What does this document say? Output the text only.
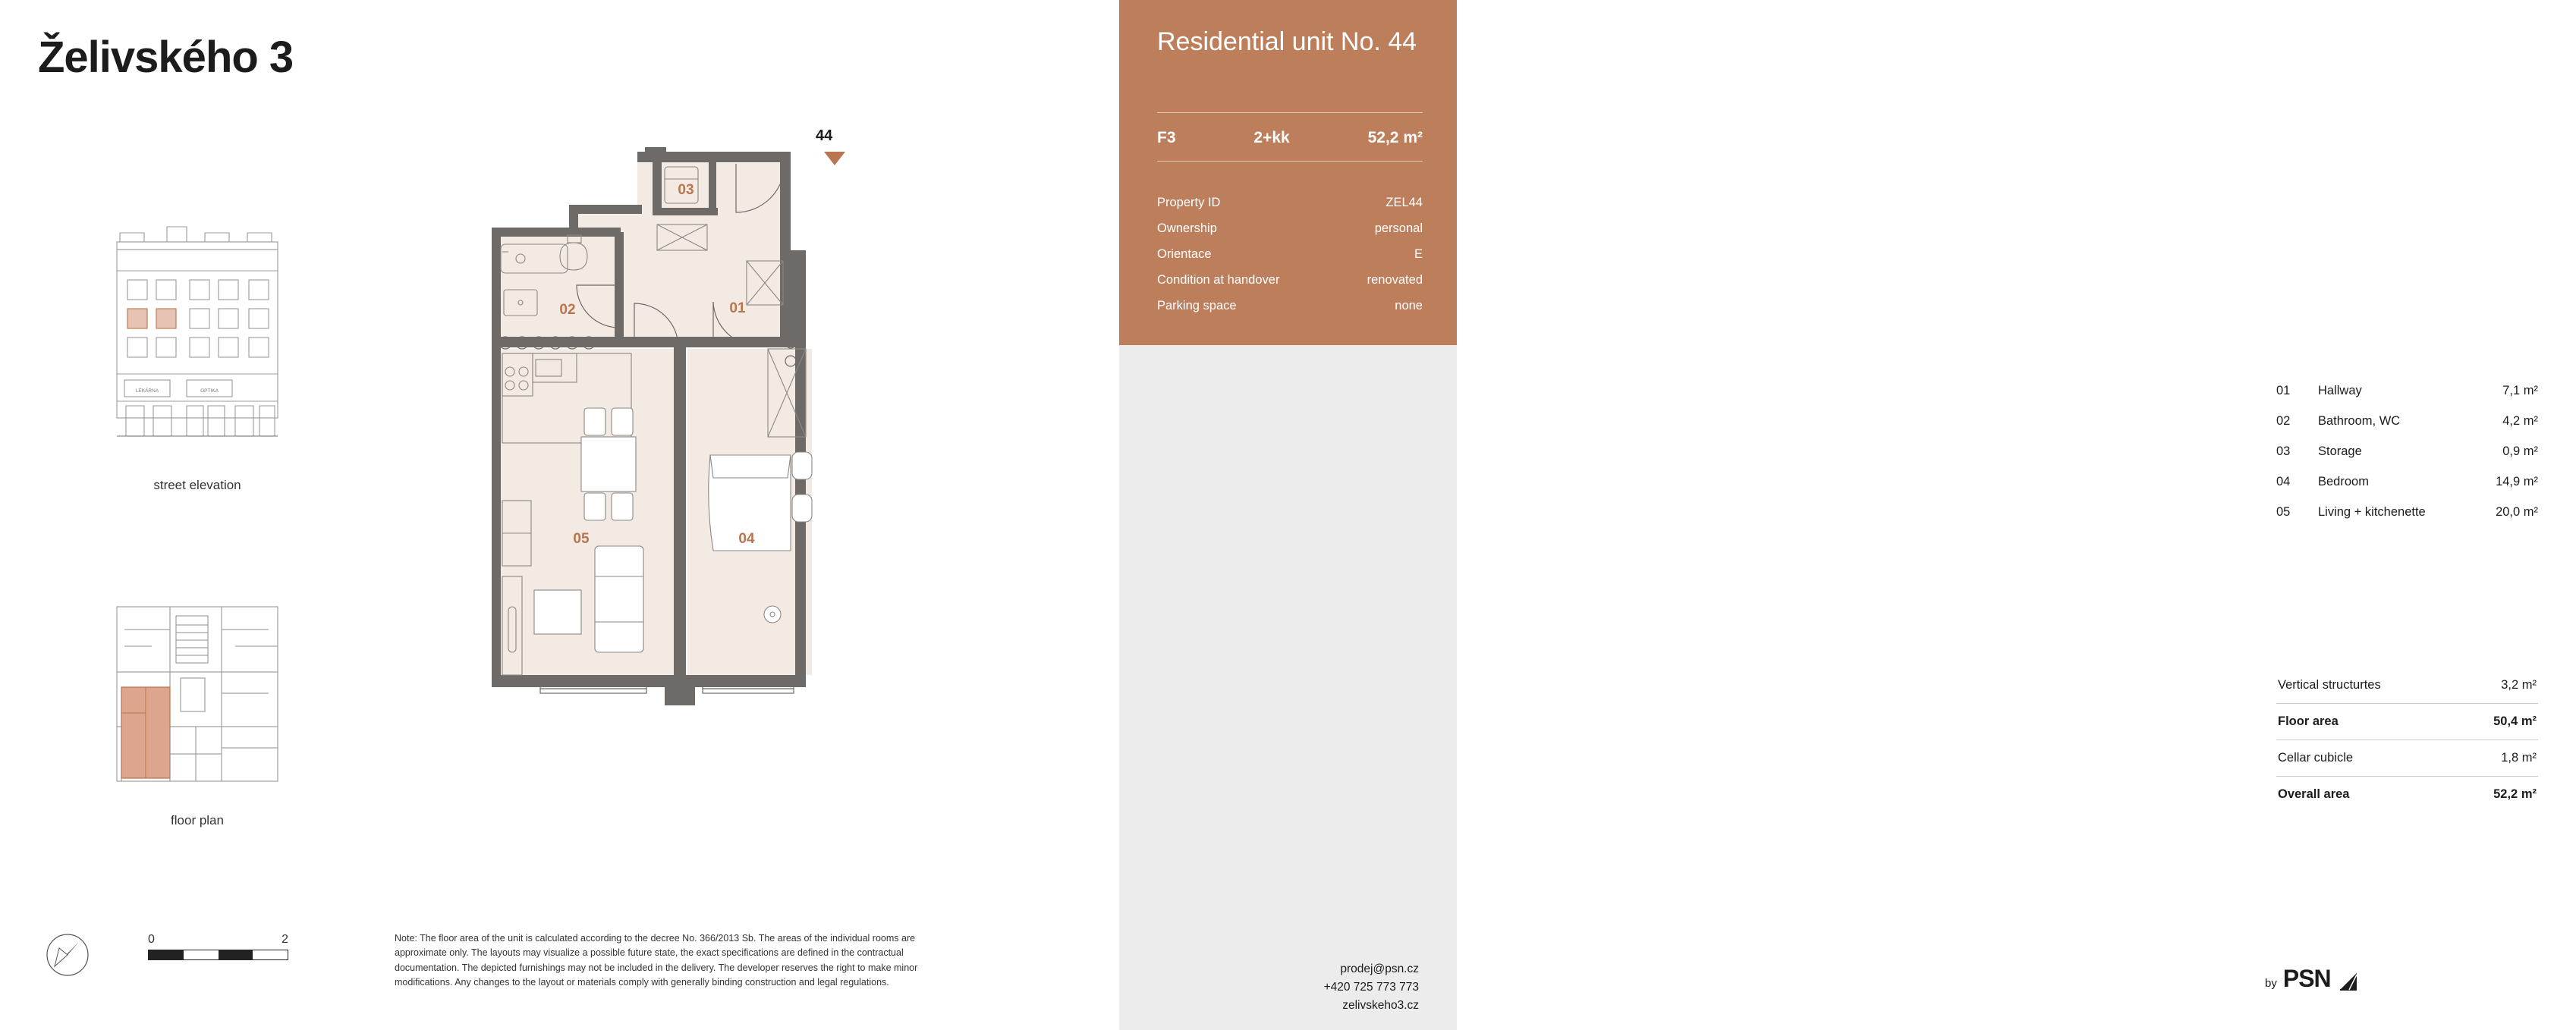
Želivského 3
LÉKÁRNA	OPTIKA
street elevation
floor plan
0	2	Note: The floor area of the unit is calculated according to the decree No. 366/2013 Sb. The areas of the individual rooms are approximate only. The layouts may visualize a possible future state, the exact specifications are defined in the contractual documentation. The depicted furnishings may not be included in the delivery. The developer reserves the right to make minor modifications. Any changes to the layout or materials comply with generally binding construction and legal regulations.
44
01
02
03
04
05
Residential unit No. 44
F3	2+kk	52,2 m²
Property ID	ZEL44
Ownership	personal
Orientace	E
Condition at handover	renovated
Parking space	none
01	Hallway	7,1 m²
02	Bathroom, WC	4,2 m²
03	Storage	0,9 m²
04	Bedroom	14,9 m²
05	Living + kitchenette	20,0 m²
Vertical structurtes	3,2 m²
Floor area	50,4 m²
Cellar cubicle	1,8 m²
Overall area	52,2 m²
by PSN
prodej@psn.cz
+420 725 773 773
zelivskeho3.cz
